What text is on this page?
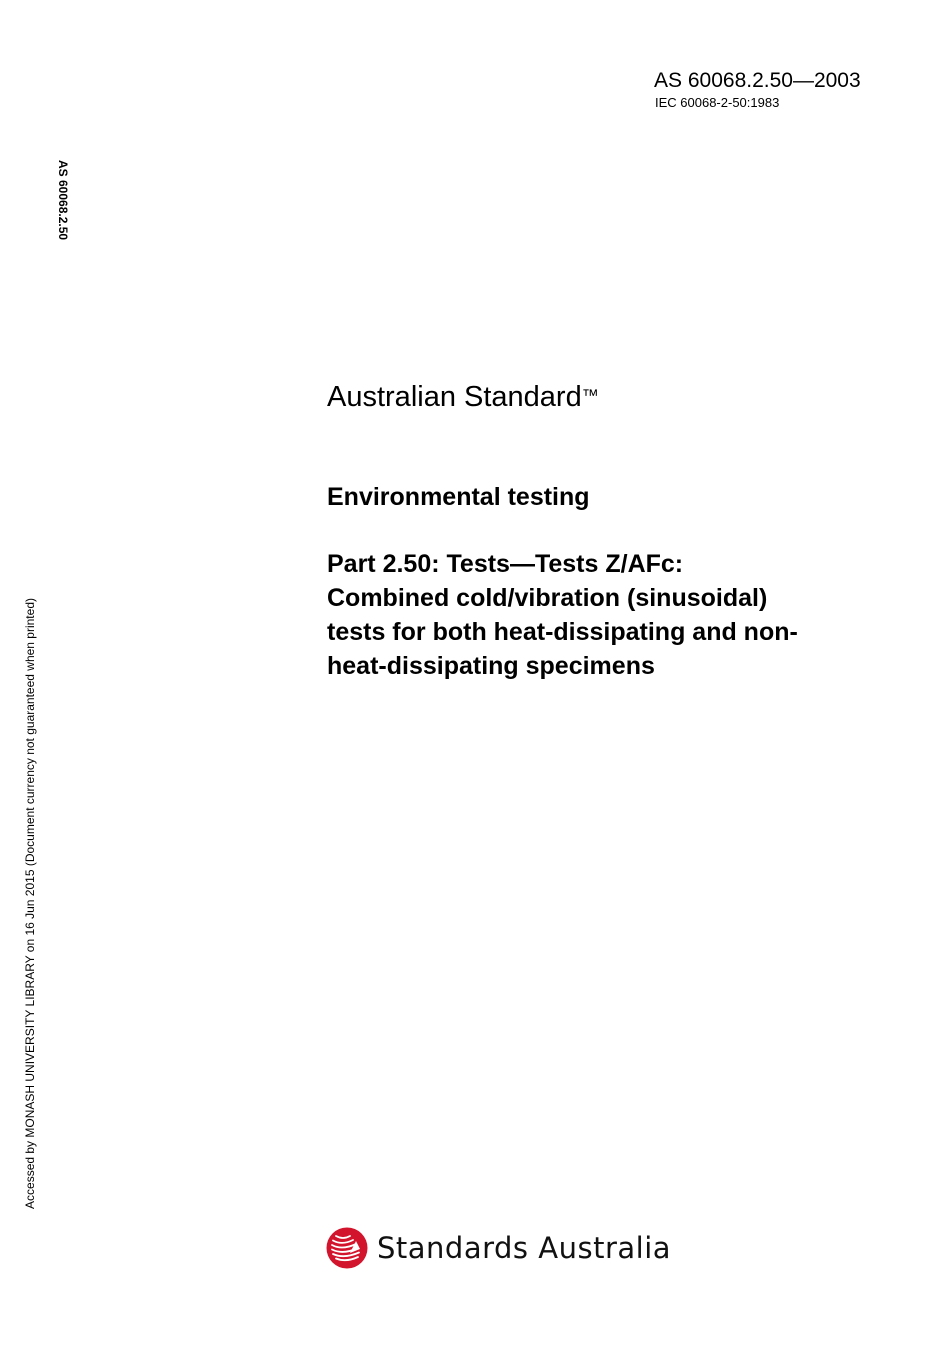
AS 60068.2.50—2003
IEC 60068-2-50:1983
AS 60068.2.50
Accessed by MONASH UNIVERSITY LIBRARY on 16 Jun 2015 (Document currency not guaranteed when printed)
Australian Standard™
Environmental testing
Part 2.50: Tests—Tests Z/AFc:
Combined cold/vibration (sinusoidal)
tests for both heat-dissipating and non-
heat-dissipating specimens
Standards Australia
